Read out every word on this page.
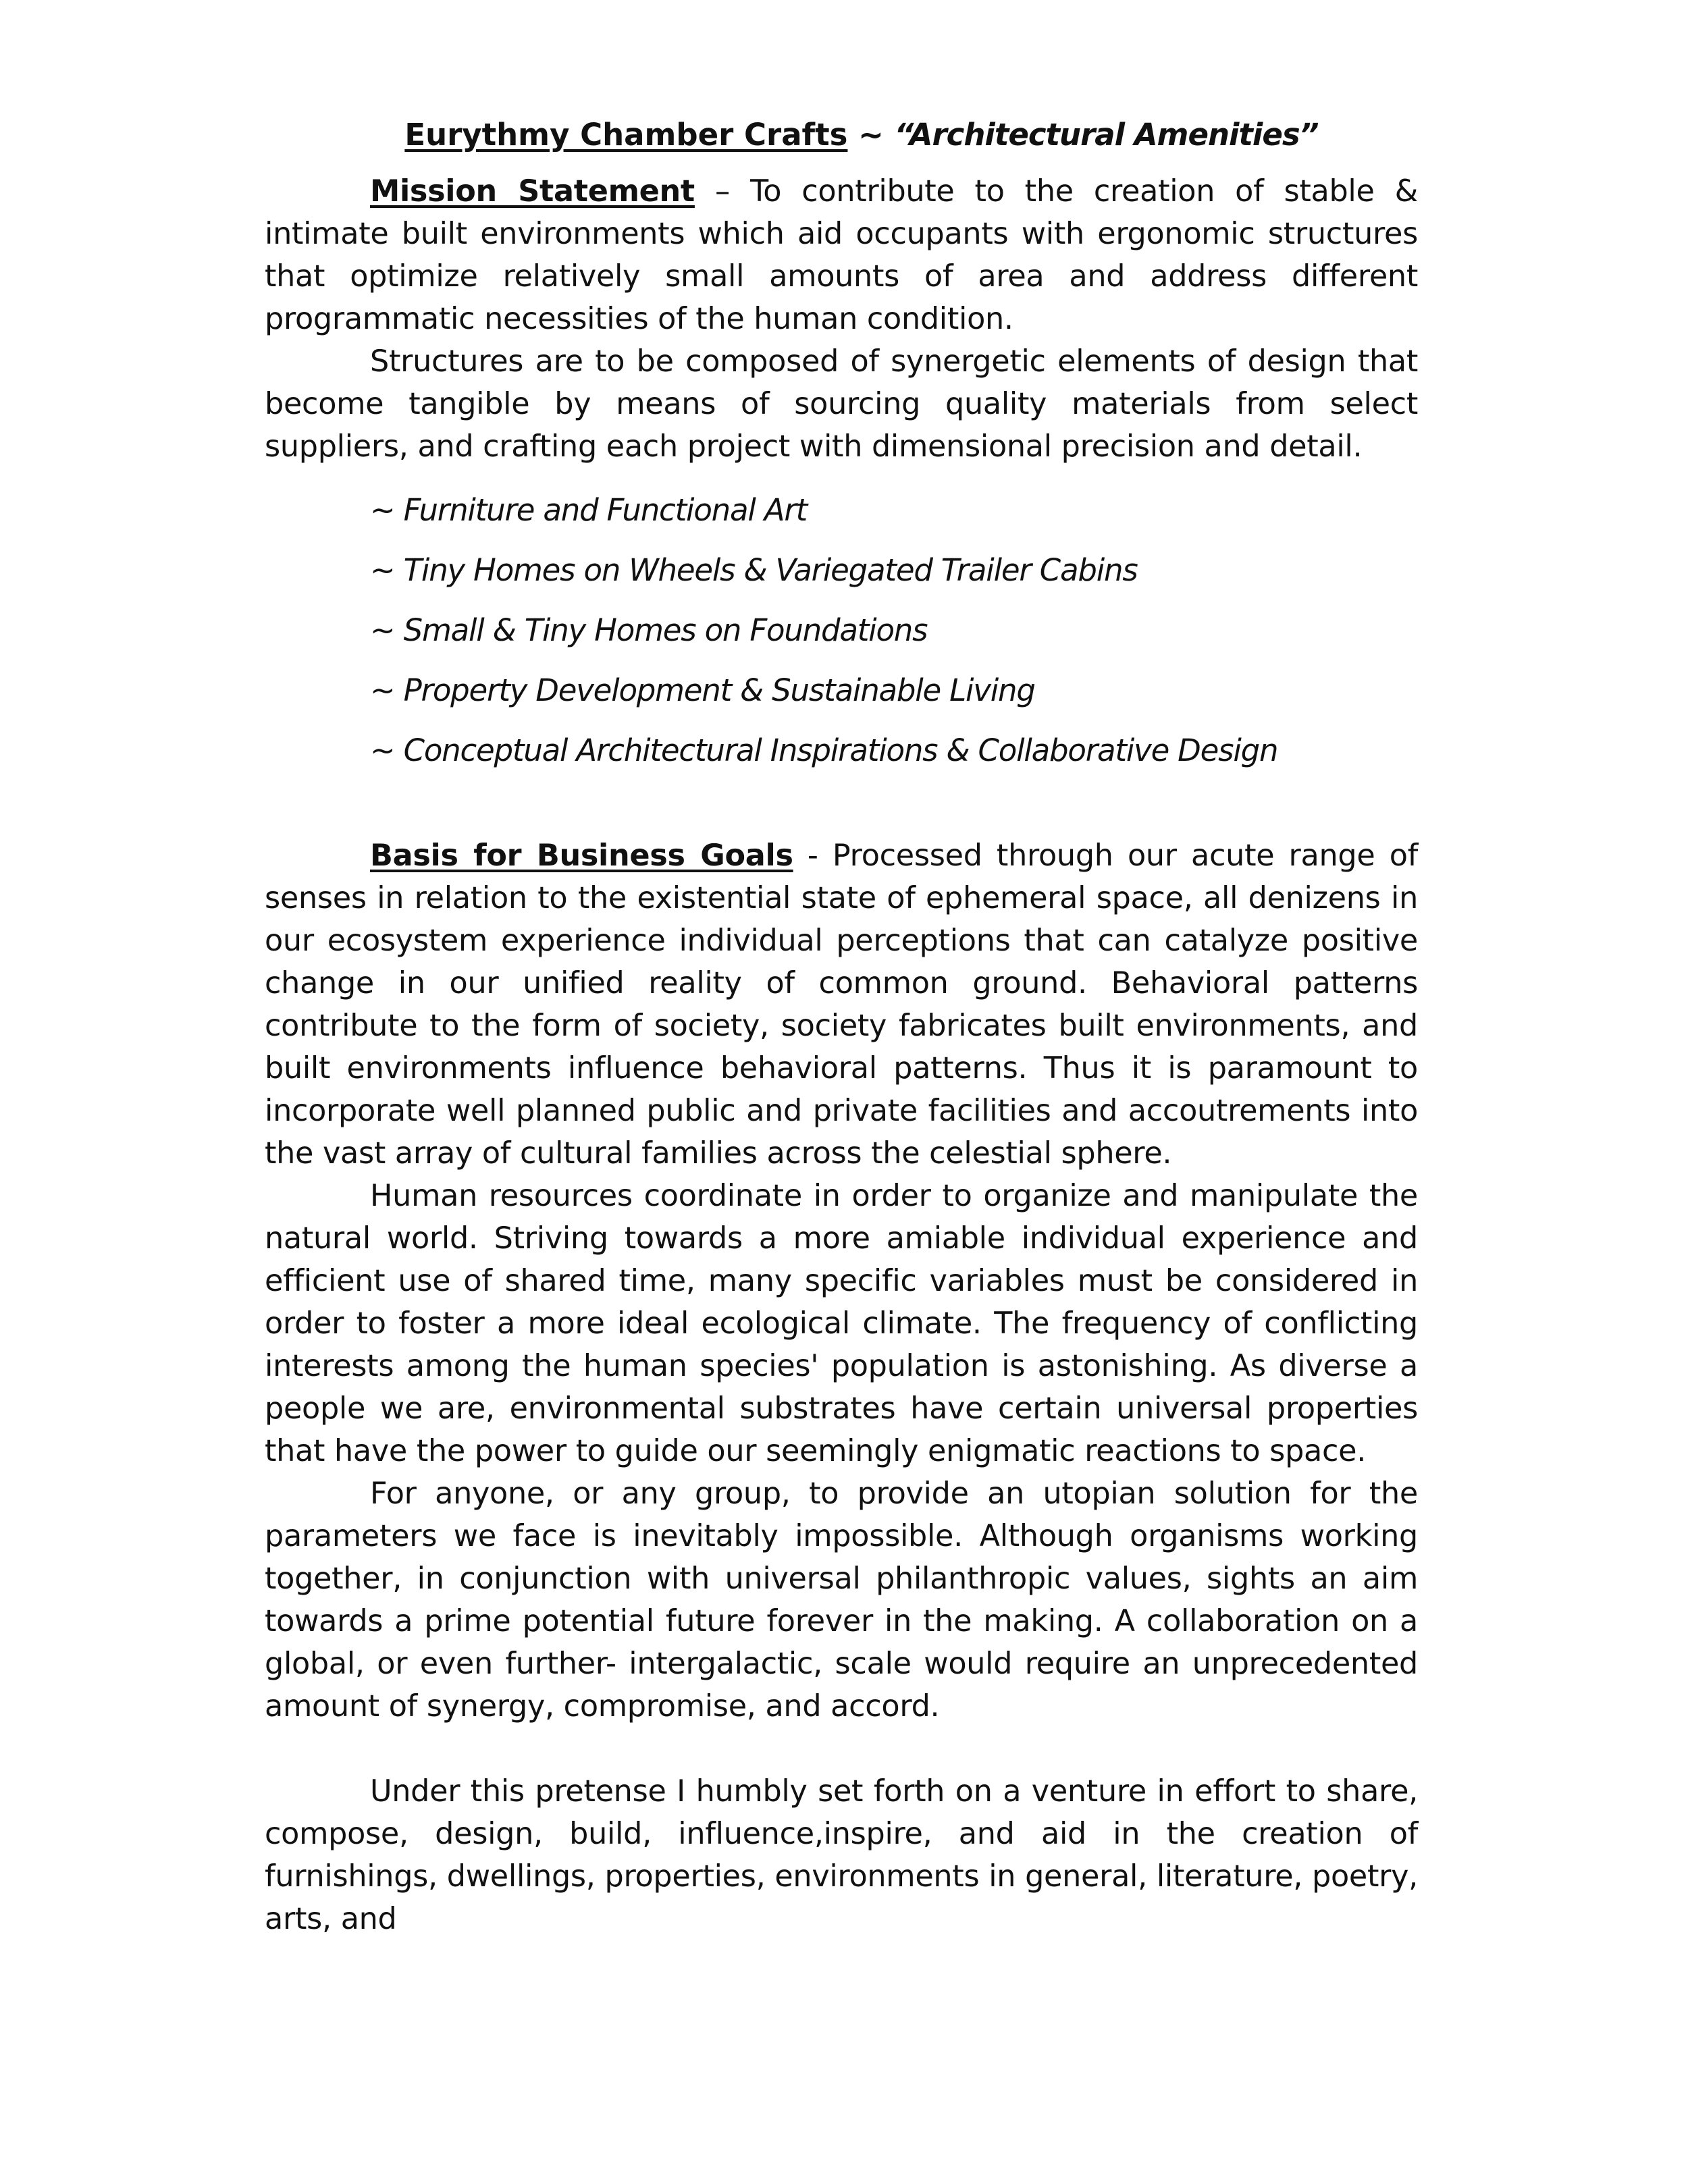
Eurythmy Chamber Crafts ~ “Architectural Amenities”

Mission Statement – To contribute to the creation of stable & intimate built environments which aid occupants with ergonomic structures that optimize relatively small amounts of area and address different programmatic necessities of the human condition.

Structures are to be composed of synergetic elements of design that become tangible by means of sourcing quality materials from select suppliers, and crafting each project with dimensional precision and detail.

~ Furniture and Functional Art
~ Tiny Homes on Wheels & Variegated Trailer Cabins
~ Small & Tiny Homes on Foundations
~ Property Development & Sustainable Living
~ Conceptual Architectural Inspirations & Collaborative Design

Basis for Business Goals - Processed through our acute range of senses in relation to the existential state of ephemeral space, all denizens in our ecosystem experience individual perceptions that can catalyze positive change in our unified reality of common ground. Behavioral patterns contribute to the form of society, society fabricates built environments, and built environments influence behavioral patterns. Thus it is paramount to incorporate well planned public and private facilities and accoutrements into the vast array of cultural families across the celestial sphere.

Human resources coordinate in order to organize and manipulate the natural world. Striving towards a more amiable individual experience and efficient use of shared time, many specific variables must be considered in order to foster a more ideal ecological climate. The frequency of conflicting interests among the human species' population is astonishing. As diverse a people we are, environmental substrates have certain universal properties that have the power to guide our seemingly enigmatic reactions to space.

For anyone, or any group, to provide an utopian solution for the parameters we face is inevitably impossible. Although organisms working together, in conjunction with universal philanthropic values, sights an aim towards a prime potential future forever in the making. A collaboration on a global, or even further- intergalactic, scale would require an unprecedented amount of synergy, compromise, and accord.

Under this pretense I humbly set forth on a venture in effort to share, compose, design, build, influence,inspire, and aid in the creation of furnishings, dwellings, properties, environments in general, literature, poetry, arts, and
